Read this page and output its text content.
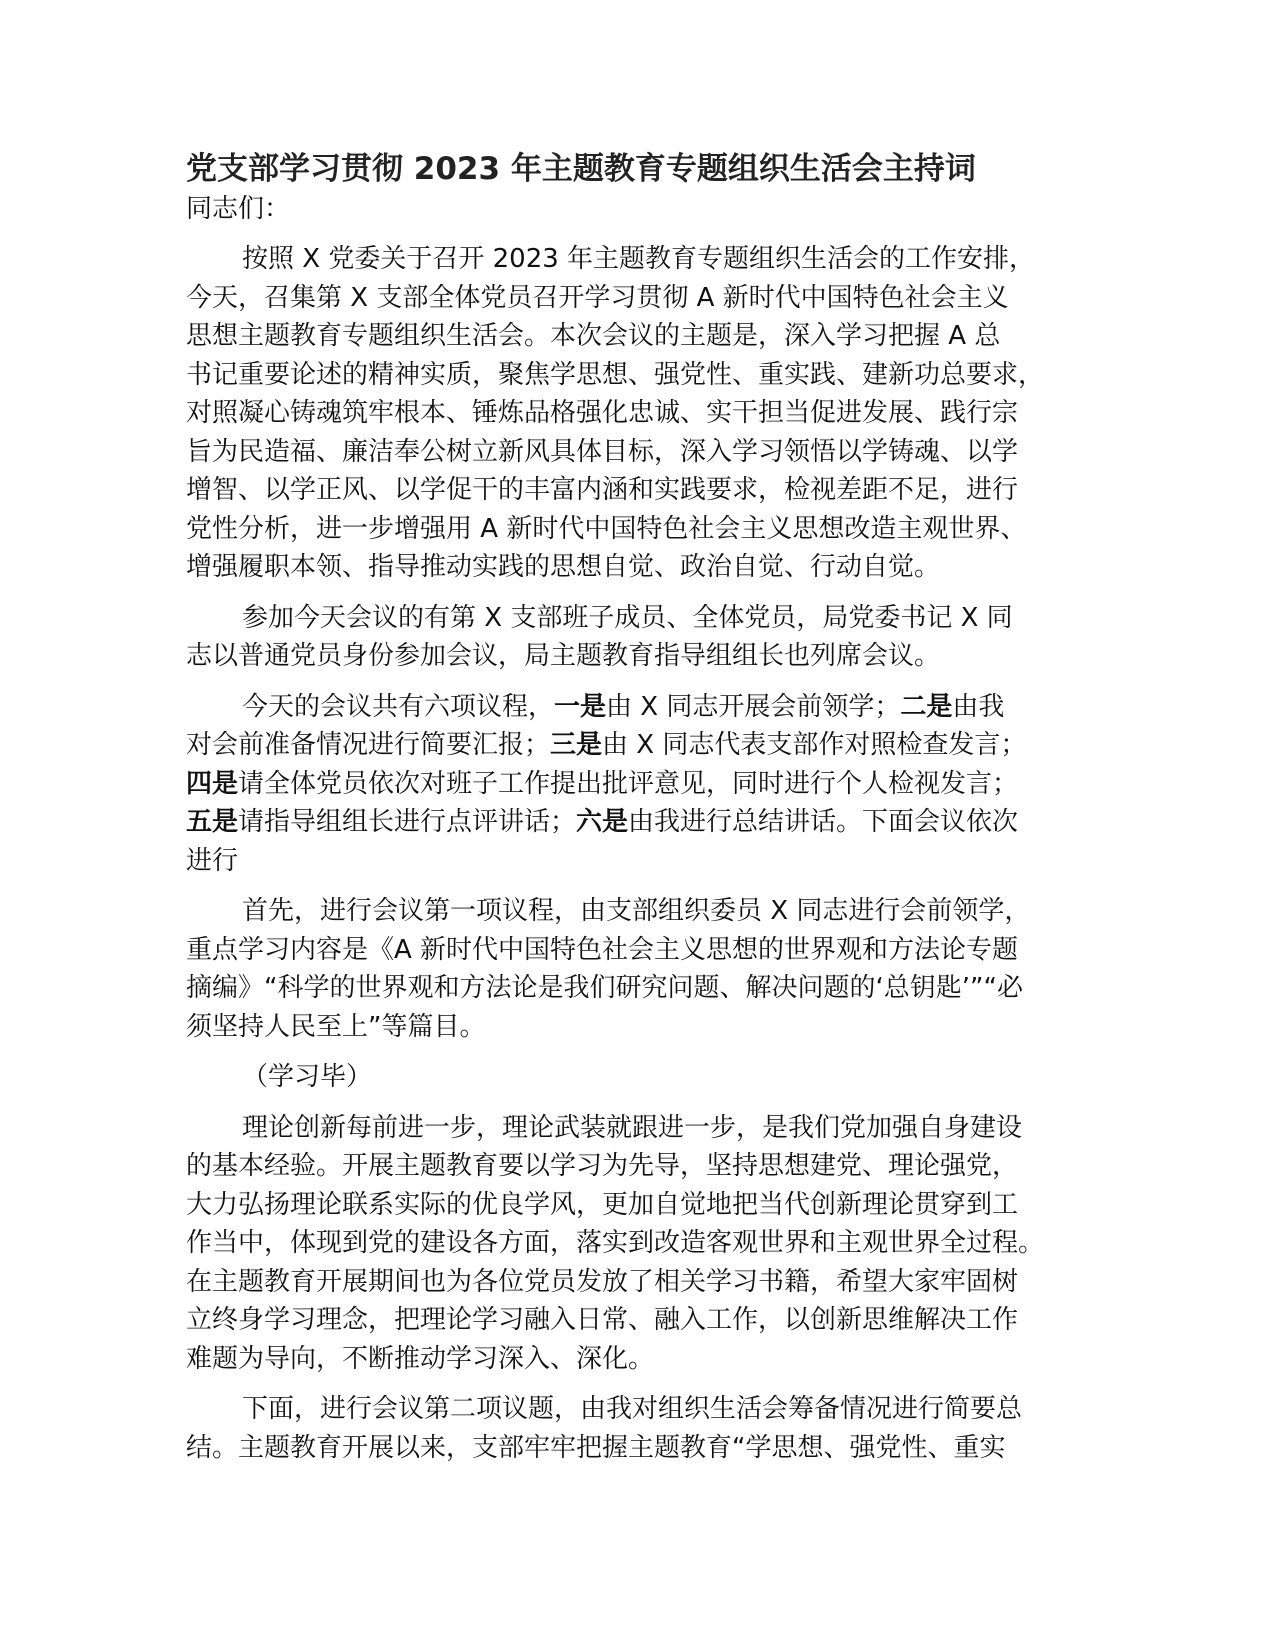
党支部学习贯彻 2023 年主题教育专题组织生活会主持词

同志们：

按照 X 党委关于召开 2023 年主题教育专题组织生活会的工作安排，
今天，召集第 X 支部全体党员召开学习贯彻 A 新时代中国特色社会主义
思想主题教育专题组织生活会。本次会议的主题是，深入学习把握 A 总
书记重要论述的精神实质，聚焦学思想、强党性、重实践、建新功总要求，
对照凝心铸魂筑牢根本、锤炼品格强化忠诚、实干担当促进发展、践行宗
旨为民造福、廉洁奉公树立新风具体目标，深入学习领悟以学铸魂、以学
增智、以学正风、以学促干的丰富内涵和实践要求，检视差距不足，进行
党性分析，进一步增强用 A 新时代中国特色社会主义思想改造主观世界、
增强履职本领、指导推动实践的思想自觉、政治自觉、行动自觉。

参加今天会议的有第 X 支部班子成员、全体党员，局党委书记 X 同
志以普通党员身份参加会议，局主题教育指导组组长也列席会议。

今天的会议共有六项议程，一是由 X 同志开展会前领学；二是由我
对会前准备情况进行简要汇报；三是由 X 同志代表支部作对照检查发言；
四是请全体党员依次对班子工作提出批评意见，同时进行个人检视发言；
五是请指导组组长进行点评讲话；六是由我进行总结讲话。下面会议依次
进行

首先，进行会议第一项议程，由支部组织委员 X 同志进行会前领学，
重点学习内容是《A 新时代中国特色社会主义思想的世界观和方法论专题
摘编》“科学的世界观和方法论是我们研究问题、解决问题的‘总钥匙’”“必
须坚持人民至上”等篇目。

（学习毕）

理论创新每前进一步，理论武装就跟进一步，是我们党加强自身建设
的基本经验。开展主题教育要以学习为先导，坚持思想建党、理论强党，
大力弘扬理论联系实际的优良学风，更加自觉地把当代创新理论贯穿到工
作当中，体现到党的建设各方面，落实到改造客观世界和主观世界全过程。
在主题教育开展期间也为各位党员发放了相关学习书籍，希望大家牢固树
立终身学习理念，把理论学习融入日常、融入工作，以创新思维解决工作
难题为导向，不断推动学习深入、深化。

下面，进行会议第二项议题，由我对组织生活会筹备情况进行简要总
结。主题教育开展以来，支部牢牢把握主题教育“学思想、强党性、重实
